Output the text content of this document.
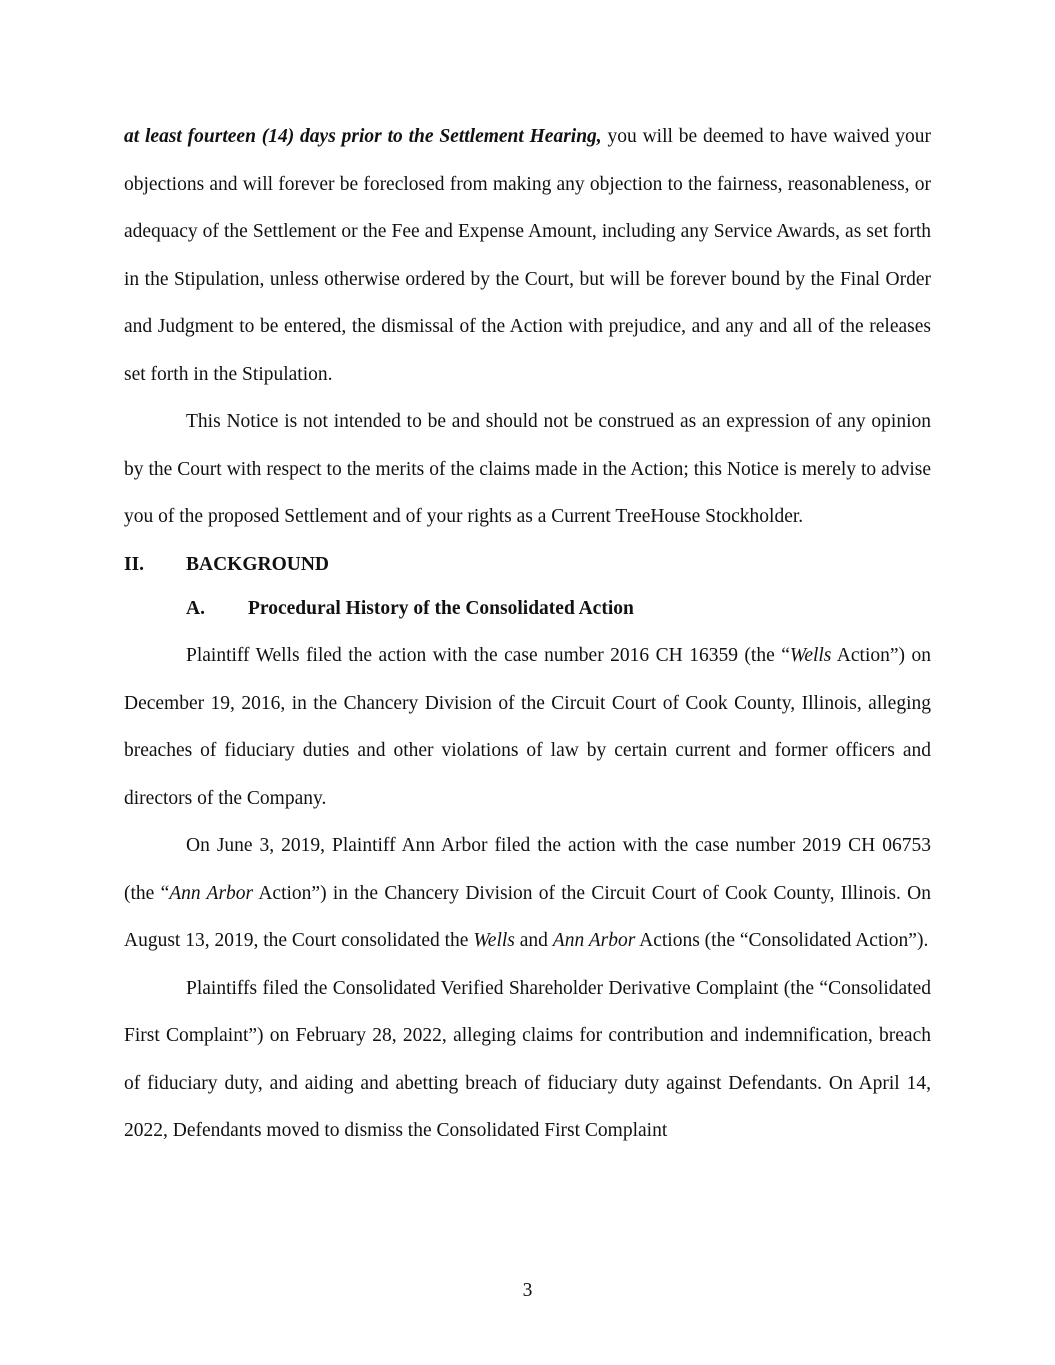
at least fourteen (14) days prior to the Settlement Hearing, you will be deemed to have waived your objections and will forever be foreclosed from making any objection to the fairness, reasonableness, or adequacy of the Settlement or the Fee and Expense Amount, including any Service Awards, as set forth in the Stipulation, unless otherwise ordered by the Court, but will be forever bound by the Final Order and Judgment to be entered, the dismissal of the Action with prejudice, and any and all of the releases set forth in the Stipulation.

This Notice is not intended to be and should not be construed as an expression of any opinion by the Court with respect to the merits of the claims made in the Action; this Notice is merely to advise you of the proposed Settlement and of your rights as a Current TreeHouse Stockholder.

II.	BACKGROUND
A.	Procedural History of the Consolidated Action

Plaintiff Wells filed the action with the case number 2016 CH 16359 (the “Wells Action”) on December 19, 2016, in the Chancery Division of the Circuit Court of Cook County, Illinois, alleging breaches of fiduciary duties and other violations of law by certain current and former officers and directors of the Company.

On June 3, 2019, Plaintiff Ann Arbor filed the action with the case number 2019 CH 06753 (the “Ann Arbor Action”) in the Chancery Division of the Circuit Court of Cook County, Illinois. On August 13, 2019, the Court consolidated the Wells and Ann Arbor Actions (the “Consolidated Action”).

Plaintiffs filed the Consolidated Verified Shareholder Derivative Complaint (the “Consolidated First Complaint”) on February 28, 2022, alleging claims for contribution and indemnification, breach of fiduciary duty, and aiding and abetting breach of fiduciary duty against Defendants. On April 14, 2022, Defendants moved to dismiss the Consolidated First Complaint

3
